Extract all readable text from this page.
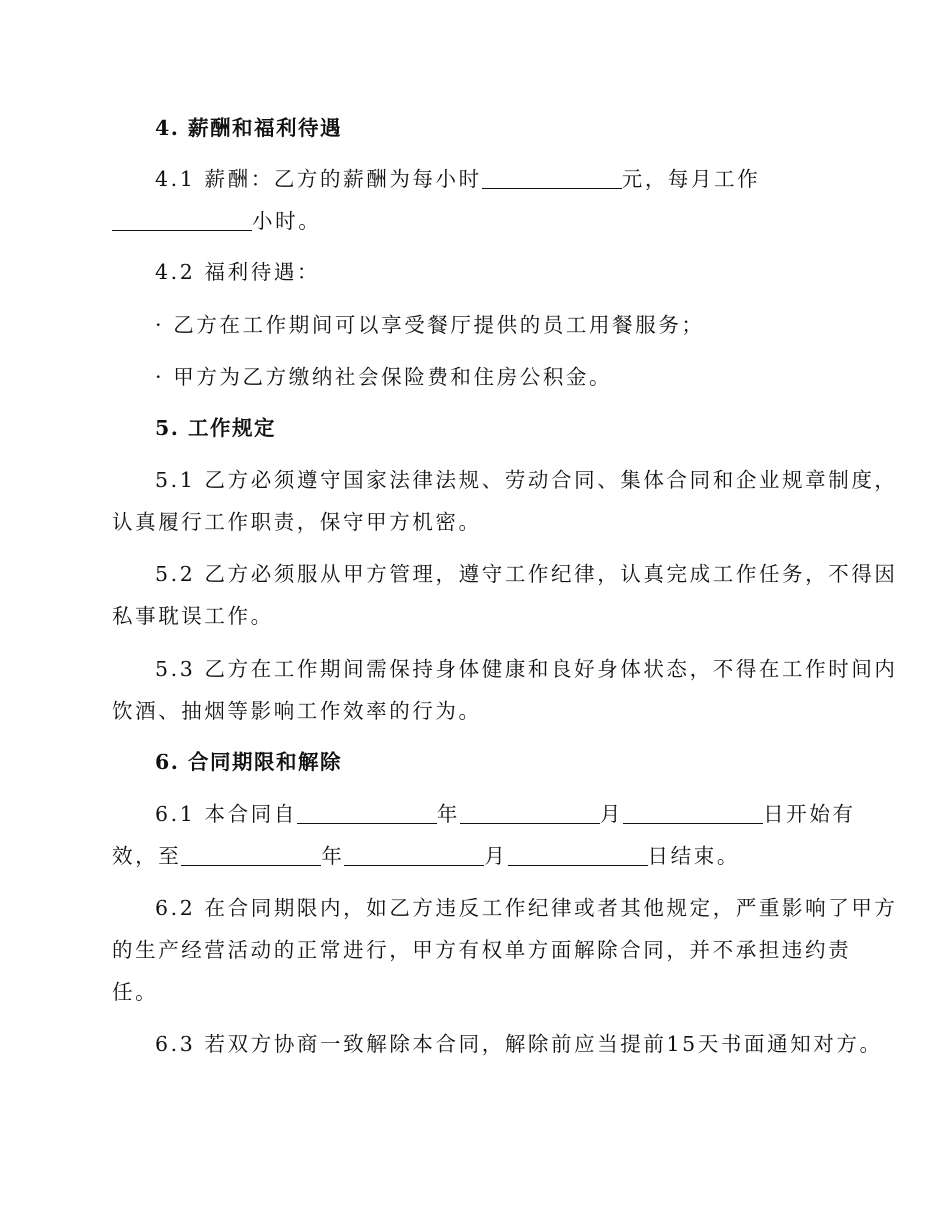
4. 薪酬和福利待遇
4.1 薪酬：乙方的薪酬为每小时	元，每月工作
小时。
4.2 福利待遇：
· 乙方在工作期间可以享受餐厅提供的员工用餐服务；
· 甲方为乙方缴纳社会保险费和住房公积金。
5. 工作规定
5.1 乙方必须遵守国家法律法规、劳动合同、集体合同和企业规章制度，
认真履行工作职责，保守甲方机密。
5.2 乙方必须服从甲方管理，遵守工作纪律，认真完成工作任务，不得因
私事耽误工作。
5.3 乙方在工作期间需保持身体健康和良好身体状态，不得在工作时间内
饮酒、抽烟等影响工作效率的行为。
6. 合同期限和解除
6.1 本合同自	年	月	日开始有
效，至	年	月	日结束。
6.2 在合同期限内，如乙方违反工作纪律或者其他规定，严重影响了甲方
的生产经营活动的正常进行，甲方有权单方面解除合同，并不承担违约责
任。
6.3 若双方协商一致解除本合同，解除前应当提前15天书面通知对方。
